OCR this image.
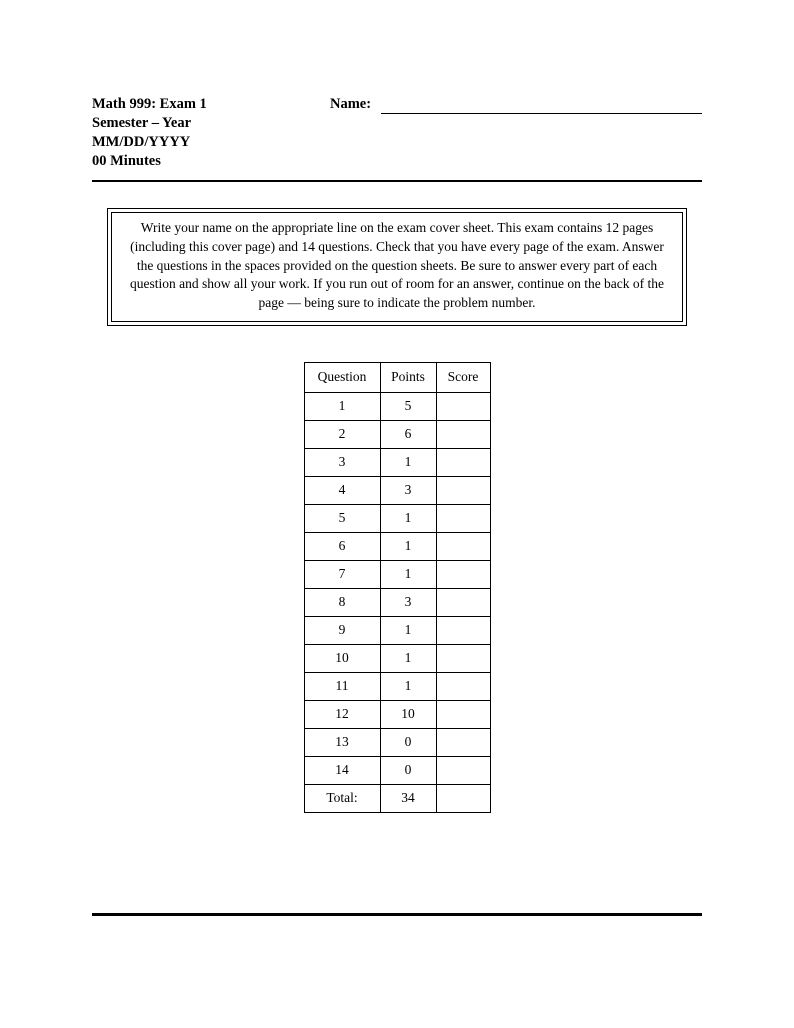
Math 999: Exam 1
Semester – Year
MM/DD/YYYY
00 Minutes
Name:

Write your name on the appropriate line on the exam cover sheet. This exam contains 12 pages (including this cover page) and 14 questions. Check that you have every page of the exam. Answer the questions in the spaces provided on the question sheets. Be sure to answer every part of each question and show all your work. If you run out of room for an answer, continue on the back of the page — being sure to indicate the problem number.

Question	Points	Score
1	5	
2	6	
3	1	
4	3	
5	1	
6	1	
7	1	
8	3	
9	1	
10	1	
11	1	
12	10	
13	0	
14	0	
Total:	34	
